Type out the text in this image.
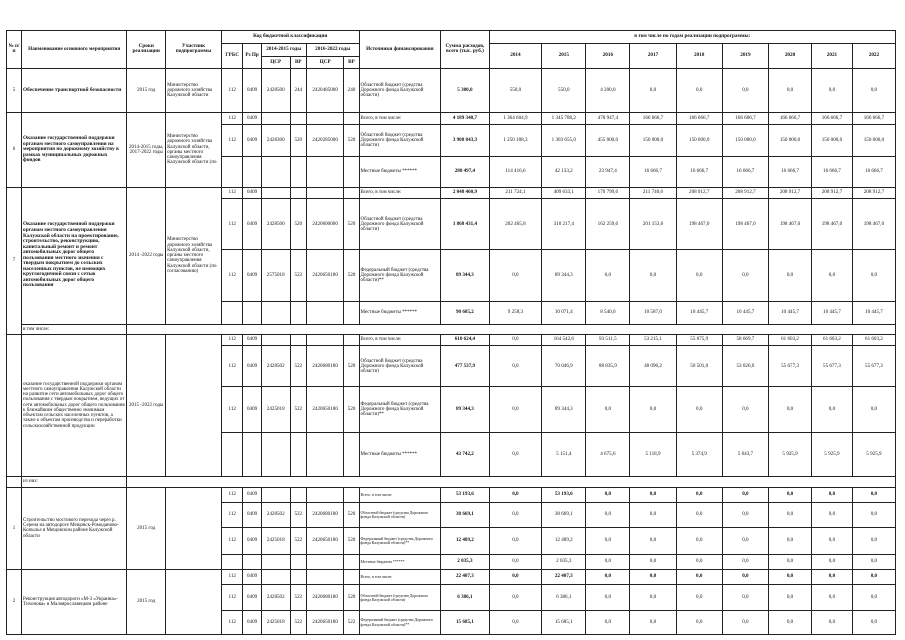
№ п/п	Наименование основного мероприятия	Сроки реализации	Участник подпрограммы	Код бюджетной классификации						Источники финансирования	Сумма расходов, всего (тыс. руб.)	в том числе по годам реализации подпрограммы:								
				ГРБС	Рз Пр	2014-2015 годы		2016-2022 годы				2014	2015	2016	2017	2018	2019	2020	2021	2022
						ЦСР	ВР	ЦСР	ВР											
5	Обеспечение транспортной безопасности	2015 год	Министерство дорожного хозяйства Калужской области	112	0409	2428500	244	2420485000	240	Областной бюджет (средства Дорожного фонда Калужской области)	5 300,0	550,0	550,0	4 200,0	0,0	0,0	0,0	0,0	0,0	0,0
6	Оказание государственной поддержки органам местного самоуправления на мероприятия по дорожному хозяйству в рамках муниципальных дорожных фондов	2014-2015 годы, 2017-2022 годы	Министерство дорожного хозяйства Калужской области, органы местного самоуправления Калужской области (по	112	0409					Всего, в том числе:	4 189 340,7	1 364 604,9	1 345 788,2	478 947,4	166 666,7	166 666,7	166 666,7	166 666,7	166 666,7	166 666,7
				112	0409	2428300	520	2420285000	520	Областной бюджет (средства Дорожного фонда Калужской области)	3 908 843,3	1 250 188,3	1 303 655,0	455 000,0	150 000,0	150 000,0	150 000,0	150 000,0	150 000,0	150 000,0
										Местные бюджеты ******	280 497,4	114 416,6	42 133,2	23 947,4	16 666,7	16 666,7	16 666,7	16 666,7	16 666,7	16 666,7
7	Оказание государственной поддержки органам местного самоуправления Калужской области на проектирование, строительство, реконструкцию, капитальный ремонт и ремонт автомобильных дорог общего пользования местного значения с твердым покрытием до сельских населенных пунктов, не имеющих круглогодичной связи с сетью автомобильных дорог общего пользования	2014 -2022 годы	Министерство дорожного хозяйства Калужской области, органы местного самоуправления Калужской области (по согласованию)	112	0409					Всего, в том числе:	2 048 460,9	211 724,1	409 633,1	170 799,6	211 740,6	208 912,7	208 912,7	208 912,7	208 912,7	208 912,7
				112	0409	2428500	520	2420600000	520	Областной бюджет (средства Дорожного фонда Калужской области)	1 868 431,4	202 465,8	310 217,4	162 259,6	201 153,6	198 467,0	198 467,0	198 467,0	198 467,0	198 467,0
				112	0409	2575018	522	2420650180	520	Федеральный бюджет (средства Дорожного фонда Калужской области)**	89 344,3	0,0	89 344,3	0,0	0,0	0,0	0,0	0,0	0,0	0,0
										Местные бюджеты ******	90 685,2	9 258,3	10 071,4	8 540,0	10 587,0	10 445,7	10 445,7	10 445,7	10 445,7	10 445,7
	в том числе:																			
	оказание государственной поддержки органам местного самоуправления Калужской области на развитие сети автомобильных дорог общего пользования с твердым покрытием, ведущих от сети автомобильных дорог общего пользования к ближайшим общественно значимым объектам сельских населенных пунктов, а также к объектам производства и переработки сельскохозяйственной продукции	2015 -2022 годы		112	0409					Всего, в том числе:	610 624,4	0,0	164 542,6	93 511,5	53 215,1	55 875,9	58 669,7	61 603,2	61 603,2	61 603,2
				112	0409	2428502	522	2420680180	520	Областной бюджет (средства Дорожного фонда Калужской области)	477 537,9	0,0	70 046,9	88 835,9	48 096,2	50 501,0	53 026,0	55 677,3	55 677,3	55 677,3
				112	0409	2425018	522	2420650180	520	Федеральный бюджет (средства Дорожного фонда Калужской области)**	89 344,3	0,0	89 344,3	0,0	0,0	0,0	0,0	0,0	0,0	0,0
										Местные бюджеты ******	43 742,2	0,0	5 151,4	4 675,6	5 118,9	5 374,9	5 643,7	5 925,9	5 925,9	5 925,9
	из них:																			
1	Строительство мостового перехода через р. Серена на автодороге Мещовск-Ромоданово-Копылье в Мещовском районе Калужской области	2015 год		112	0409					Всего, в том числе:	53 193,6	0,0	53 193,6	0,0	0,0	0,0	0,0	0,0	0,0	0,0
				112	0409	2428502	522	2420680180	520	Областной бюджет (средства Дорожного фонда Калужской области)	38 669,1	0,0	38 669,1	0,0	0,0	0,0	0,0	0,0	0,0	0,0
				112	0409	2425018	522	2420650180	520	Федеральный бюджет (средства Дорожного фонда Калужской области)**	12 489,2	0,0	12 489,2	0,0	0,0	0,0	0,0	0,0	0,0	0,0
										Местные бюджеты ******	2 035,3	0,0	2 035,3	0,0	0,0	0,0	0,0	0,0	0,0	0,0
2	Реконструкция автодороги «М-3 «Украина»-Тихонова» в Малоярославецком районе	2015 год		112	0409					Всего, в том числе:	22 407,3	0,0	22 407,3	0,0	0,0	0,0	0,0	0,0	0,0	0,0
				112	0409	2428502	522	2420680180	520	Областной бюджет (средства Дорожного фонда Калужской области)	6 386,1	0,0	6 386,1	0,0	0,0	0,0	0,0	0,0	0,0	0,0
				112	0409	2425018	522	2420650180	522	Федеральный бюджет (средства Дорожного фонда Калужской области)**	15 685,1	0,0	15 685,1	0,0	0,0	0,0	0,0	0,0	0,0	0,0
